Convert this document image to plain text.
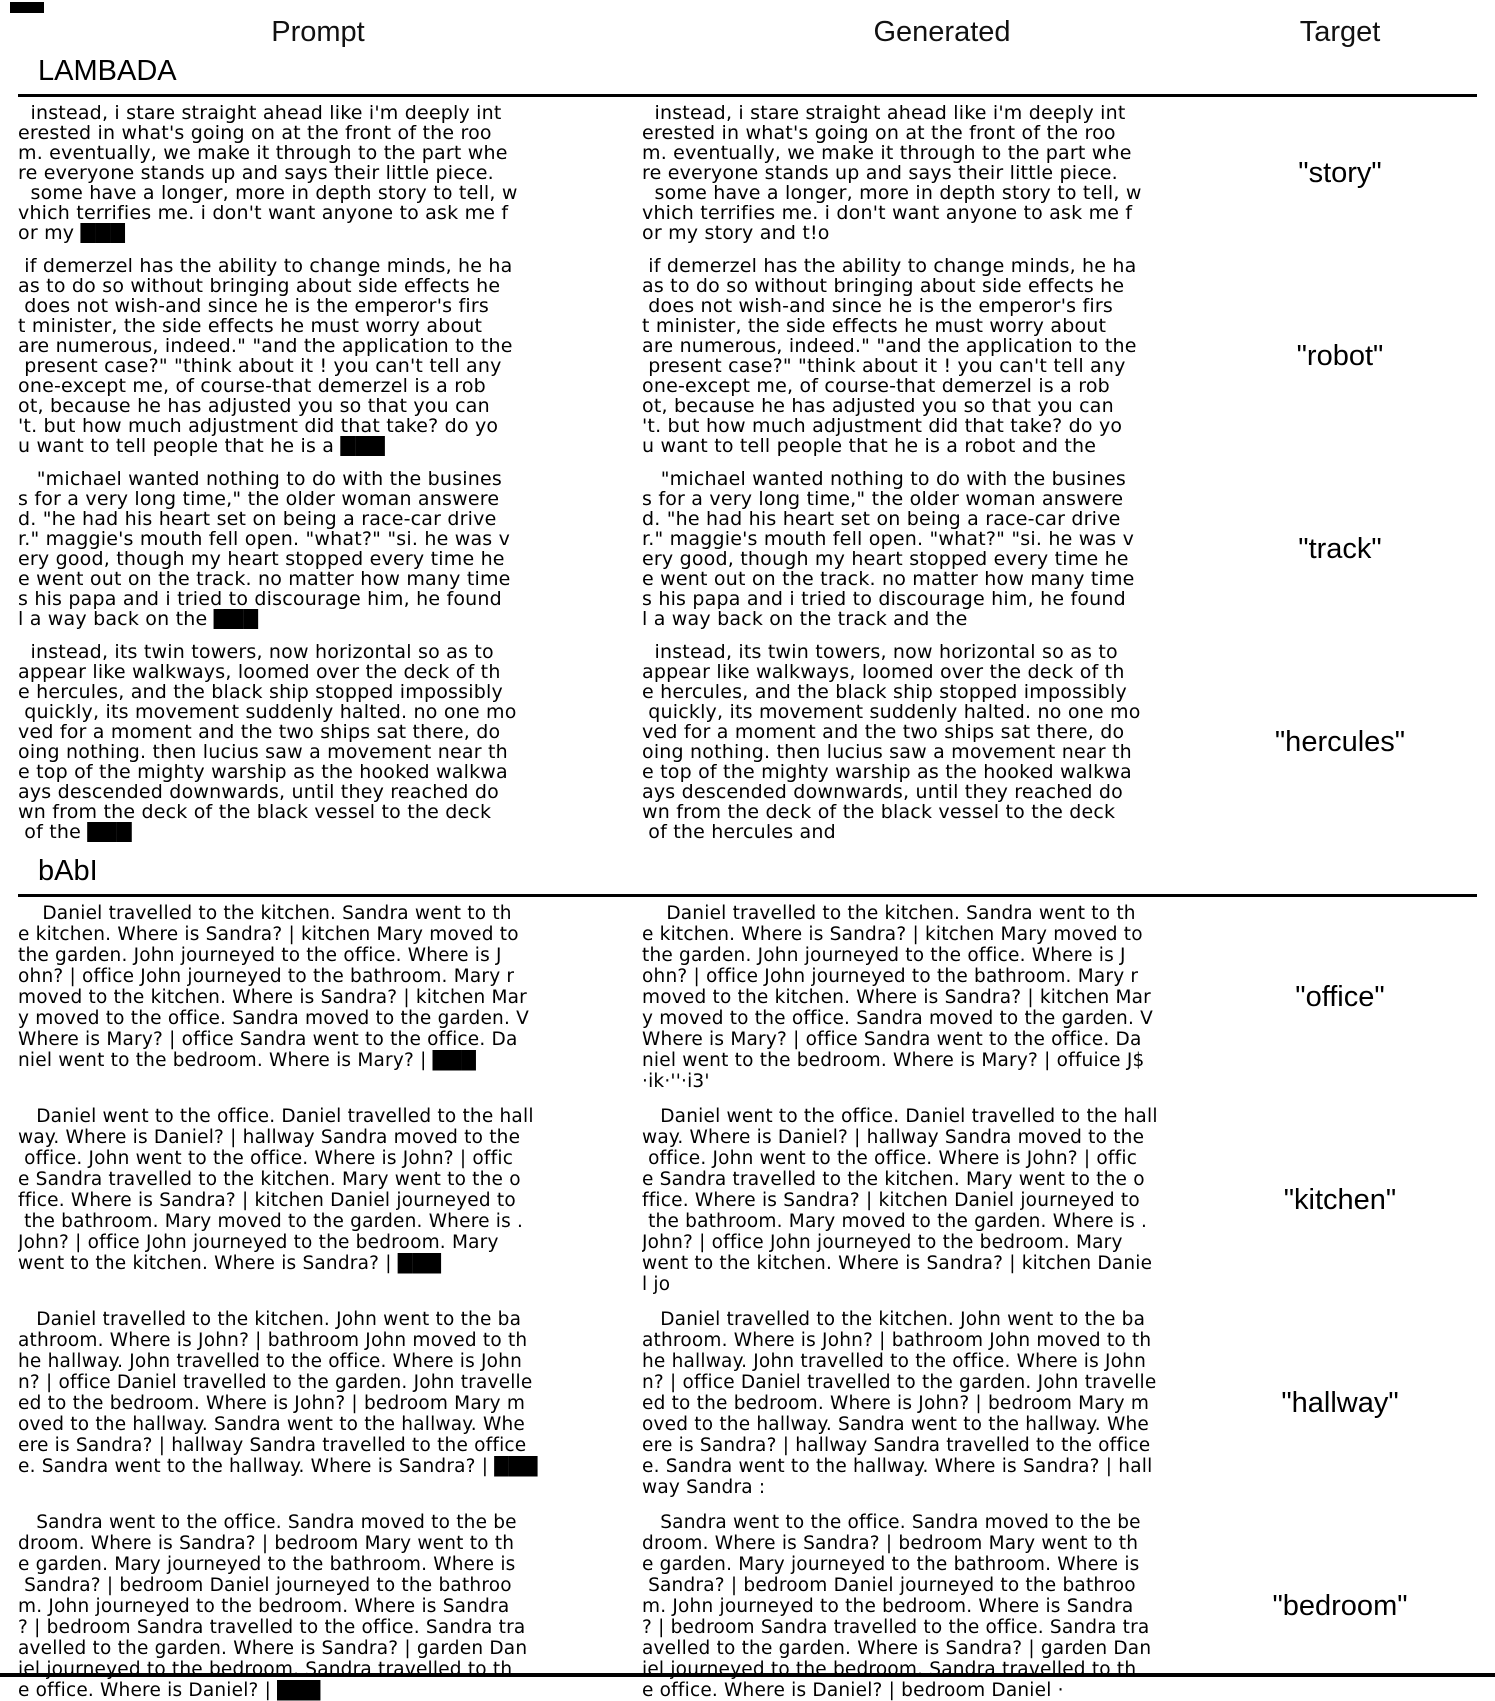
Prompt	Generated	Target
LAMBADA
instead, i stare straight ahead like i'm deeply int
erested in what's going on at the front of the roo
m. eventually, we make it through to the part whe
re everyone stands up and says their little piece.
some have a longer, more in depth story to tell, w
vhich terrifies me. i don't want anyone to ask me f
or my ███
instead, i stare straight ahead like i'm deeply int
erested in what's going on at the front of the roo
m. eventually, we make it through to the part whe
re everyone stands up and says their little piece.
some have a longer, more in depth story to tell, w
vhich terrifies me. i don't want anyone to ask me f
or my story and t!o
"story"
if demerzel has the ability to change minds, he ha
as to do so without bringing about side effects he
does not wish-and since he is the emperor's firs
t minister, the side effects he must worry about
are numerous, indeed." "and the application to the
present case?" "think about it ! you can't tell any
one-except me, of course-that demerzel is a rob
ot, because he has adjusted you so that you can
't. but how much adjustment did that take? do yo
u want to tell people that he is a ███
if demerzel has the ability to change minds, he ha
as to do so without bringing about side effects he
does not wish-and since he is the emperor's firs
t minister, the side effects he must worry about
are numerous, indeed." "and the application to the
present case?" "think about it ! you can't tell any
one-except me, of course-that demerzel is a rob
ot, because he has adjusted you so that you can
't. but how much adjustment did that take? do yo
u want to tell people that he is a robot and the
"robot"
"michael wanted nothing to do with the busines
s for a very long time," the older woman answere
d. "he had his heart set on being a race-car drive
r." maggie's mouth fell open. "what?" "si. he was v
ery good, though my heart stopped every time he
e went out on the track. no matter how many time
s his papa and i tried to discourage him, he found
l a way back on the ███
"michael wanted nothing to do with the busines
s for a very long time," the older woman answere
d. "he had his heart set on being a race-car drive
r." maggie's mouth fell open. "what?" "si. he was v
ery good, though my heart stopped every time he
e went out on the track. no matter how many time
s his papa and i tried to discourage him, he found
l a way back on the track and the
"track"
instead, its twin towers, now horizontal so as to
appear like walkways, loomed over the deck of th
e hercules, and the black ship stopped impossibly
quickly, its movement suddenly halted. no one mo
ved for a moment and the two ships sat there, do
oing nothing. then lucius saw a movement near th
e top of the mighty warship as the hooked walkwa
ays descended downwards, until they reached do
wn from the deck of the black vessel to the deck
of the ███
instead, its twin towers, now horizontal so as to
appear like walkways, loomed over the deck of th
e hercules, and the black ship stopped impossibly
quickly, its movement suddenly halted. no one mo
ved for a moment and the two ships sat there, do
oing nothing. then lucius saw a movement near th
e top of the mighty warship as the hooked walkwa
ays descended downwards, until they reached do
wn from the deck of the black vessel to the deck
of the hercules and
"hercules"
bAbI
Daniel travelled to the kitchen. Sandra went to th
e kitchen. Where is Sandra? | kitchen Mary moved to
the garden. John journeyed to the office. Where is J
ohn? | office John journeyed to the bathroom. Mary r
moved to the kitchen. Where is Sandra? | kitchen Mar
y moved to the office. Sandra moved to the garden. V
Where is Mary? | office Sandra went to the office. Da
niel went to the bedroom. Where is Mary? | ███
Daniel travelled to the kitchen. Sandra went to th
e kitchen. Where is Sandra? | kitchen Mary moved to
the garden. John journeyed to the office. Where is J
ohn? | office John journeyed to the bathroom. Mary r
moved to the kitchen. Where is Sandra? | kitchen Mar
y moved to the office. Sandra moved to the garden. V
Where is Mary? | office Sandra went to the office. Da
niel went to the bedroom. Where is Mary? | offuice J$
·ik·''·i3'
"office"
Daniel went to the office. Daniel travelled to the hall
way. Where is Daniel? | hallway Sandra moved to the
office. John went to the office. Where is John? | offic
e Sandra travelled to the kitchen. Mary went to the o
ffice. Where is Sandra? | kitchen Daniel journeyed to
the bathroom. Mary moved to the garden. Where is .
John? | office John journeyed to the bedroom. Mary
went to the kitchen. Where is Sandra? | ███
Daniel went to the office. Daniel travelled to the hall
way. Where is Daniel? | hallway Sandra moved to the
office. John went to the office. Where is John? | offic
e Sandra travelled to the kitchen. Mary went to the o
ffice. Where is Sandra? | kitchen Daniel journeyed to
the bathroom. Mary moved to the garden. Where is .
John? | office John journeyed to the bedroom. Mary
went to the kitchen. Where is Sandra? | kitchen Danie
l jo
"kitchen"
Daniel travelled to the kitchen. John went to the ba
athroom. Where is John? | bathroom John moved to th
he hallway. John travelled to the office. Where is John
n? | office Daniel travelled to the garden. John travelle
ed to the bedroom. Where is John? | bedroom Mary m
oved to the hallway. Sandra went to the hallway. Whe
ere is Sandra? | hallway Sandra travelled to the office
e. Sandra went to the hallway. Where is Sandra? | ███
Daniel travelled to the kitchen. John went to the ba
athroom. Where is John? | bathroom John moved to th
he hallway. John travelled to the office. Where is John
n? | office Daniel travelled to the garden. John travelle
ed to the bedroom. Where is John? | bedroom Mary m
oved to the hallway. Sandra went to the hallway. Whe
ere is Sandra? | hallway Sandra travelled to the office
e. Sandra went to the hallway. Where is Sandra? | hall
way Sandra :
"hallway"
Sandra went to the office. Sandra moved to the be
droom. Where is Sandra? | bedroom Mary went to th
e garden. Mary journeyed to the bathroom. Where is
Sandra? | bedroom Daniel journeyed to the bathroo
m. John journeyed to the bedroom. Where is Sandra
? | bedroom Sandra travelled to the office. Sandra tra
avelled to the garden. Where is Sandra? | garden Dan
iel journeyed to the bedroom. Sandra travelled to th
e office. Where is Daniel? | ███
Sandra went to the office. Sandra moved to the be
droom. Where is Sandra? | bedroom Mary went to th
e garden. Mary journeyed to the bathroom. Where is
Sandra? | bedroom Daniel journeyed to the bathroo
m. John journeyed to the bedroom. Where is Sandra
? | bedroom Sandra travelled to the office. Sandra tra
avelled to the garden. Where is Sandra? | garden Dan
iel journeyed to the bedroom. Sandra travelled to th
e office. Where is Daniel? | bedroom Daniel ·
"bedroom"
